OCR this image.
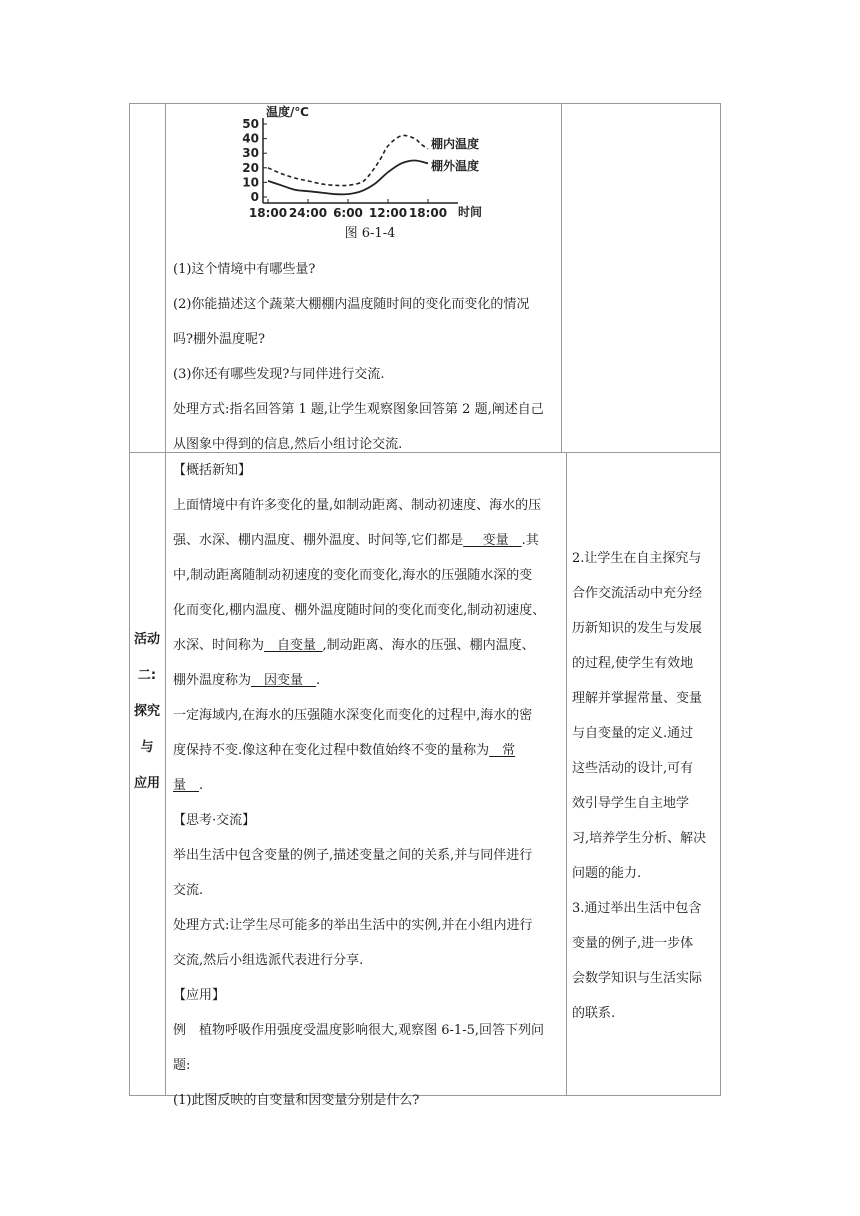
温度/℃
时间
50
40
30
20
10
0
18:00 24:00 6:00 12:00 18:00
棚内温度
棚外温度
图 6-1-4
(1)这个情境中有哪些量?
(2)你能描述这个蔬菜大棚棚内温度随时间的变化而变化的情况
吗?棚外温度呢?
(3)你还有哪些发现?与同伴进行交流.
处理方式:指名回答第 1 题,让学生观察图象回答第 2 题,阐述自己
从图象中得到的信息,然后小组讨论交流.
活动
二:
探究
与
应用
【概括新知】
上面情境中有许多变化的量,如制动距离、制动初速度、海水的压
强、水深、棚内温度、棚外温度、时间等,它们都是　  变量   .其
中,制动距离随制动初速度的变化而变化,海水的压强随水深的变
化而变化,棚内温度、棚外温度随时间的变化而变化,制动初速度、
水深、时间称为   自变量  ,制动距离、海水的压强、棚内温度、
棚外温度称为   因变量　 .
一定海域内,在海水的压强随水深变化而变化的过程中,海水的密
度保持不变.像这种在变化过程中数值始终不变的量称为   常
量   .
【思考·交流】
举出生活中包含变量的例子,描述变量之间的关系,并与同伴进行
交流.
处理方式:让学生尽可能多的举出生活中的实例,并在小组内进行
交流,然后小组选派代表进行分享.
【应用】
例　植物呼吸作用强度受温度影响很大,观察图 6-1-5,回答下列问
题:
(1)此图反映的自变量和因变量分别是什么?
2.让学生在自主探究与
合作交流活动中充分经
历新知识的发生与发展
的过程,使学生有效地
理解并掌握常量、变量
与自变量的定义.通过
这些活动的设计,可有
效引导学生自主地学
习,培养学生分析、解决
问题的能力.
3.通过举出生活中包含
变量的例子,进一步体
会数学知识与生活实际
的联系.
